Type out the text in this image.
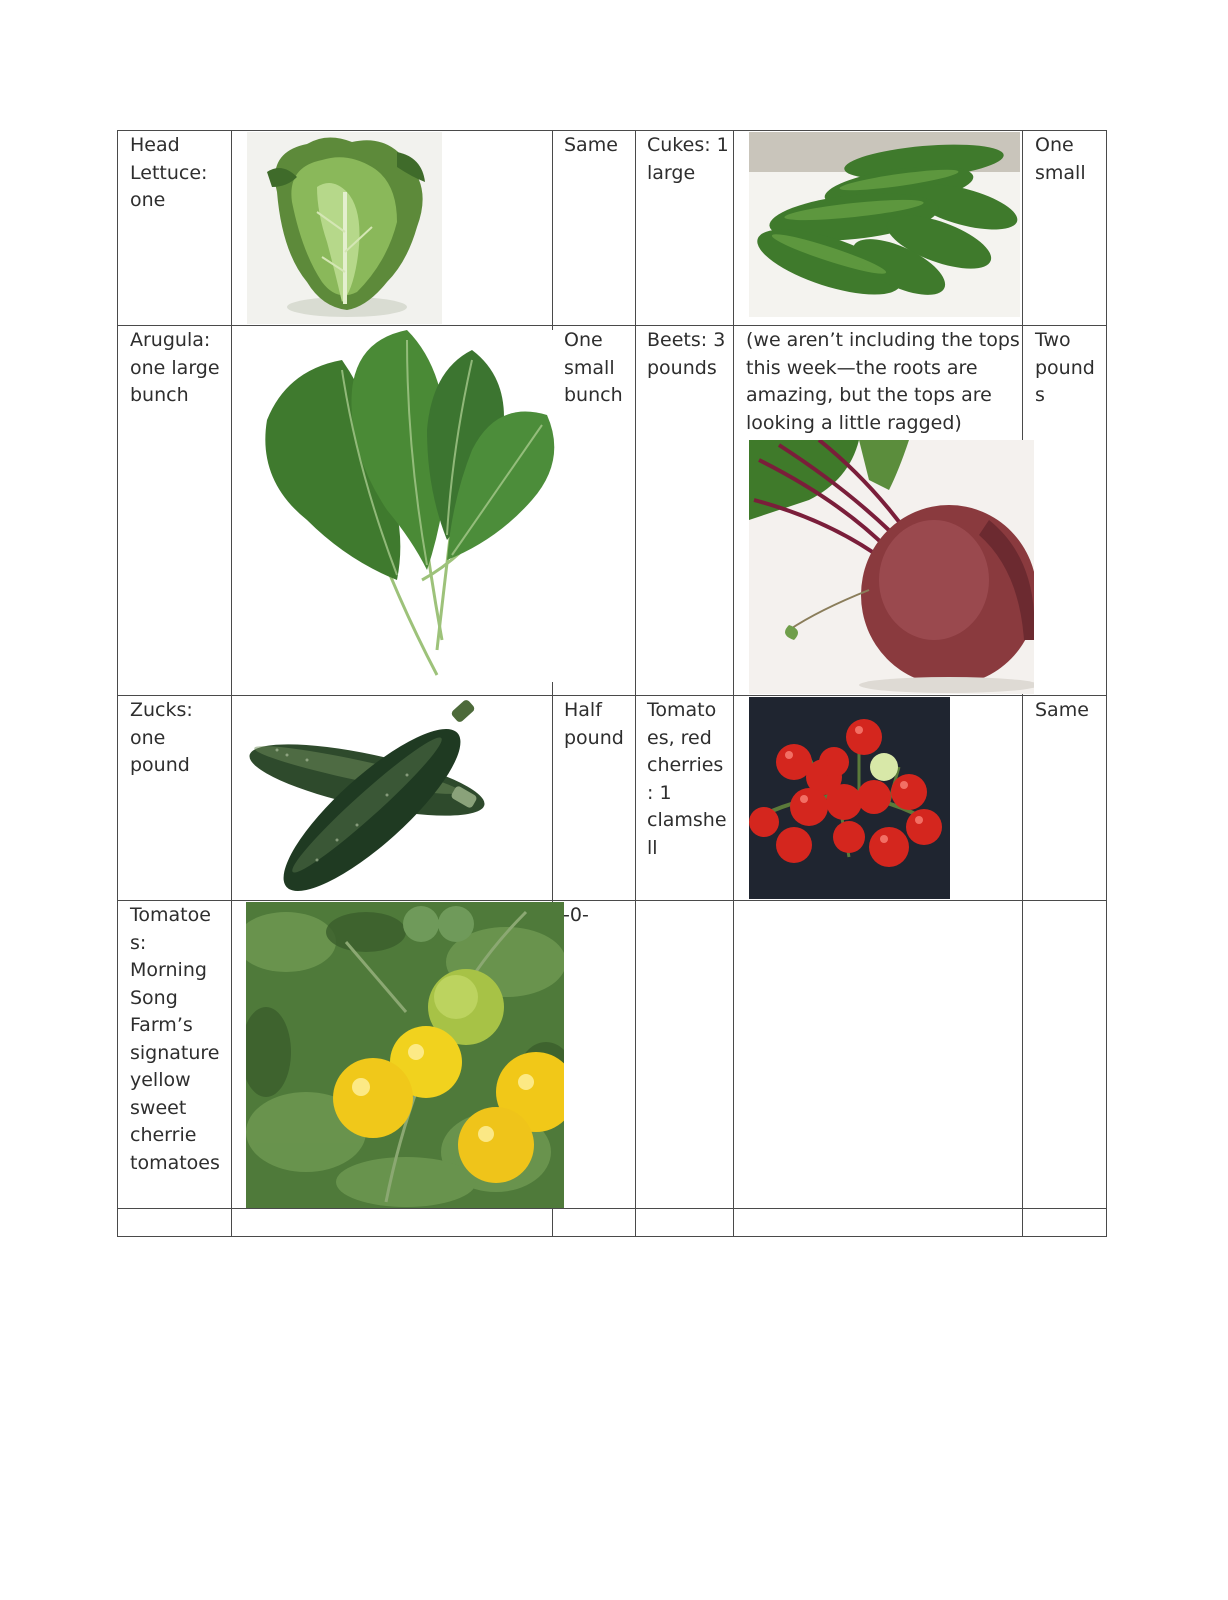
Head Lettuce: one
Same	Cukes: 1 large
One small
Arugula: one large bunch
One small bunch
Beets: 3 pounds
(we aren’t including the tops this week—the roots are amazing, but the tops are looking a little ragged)
Two pound s
Zucks: one pound
Half pound
Tomato es, red cherries : 1 clamshe ll
Same
Tomatoe s: Morning Song Farm’s signature yellow sweet cherrie tomatoes
-0-
